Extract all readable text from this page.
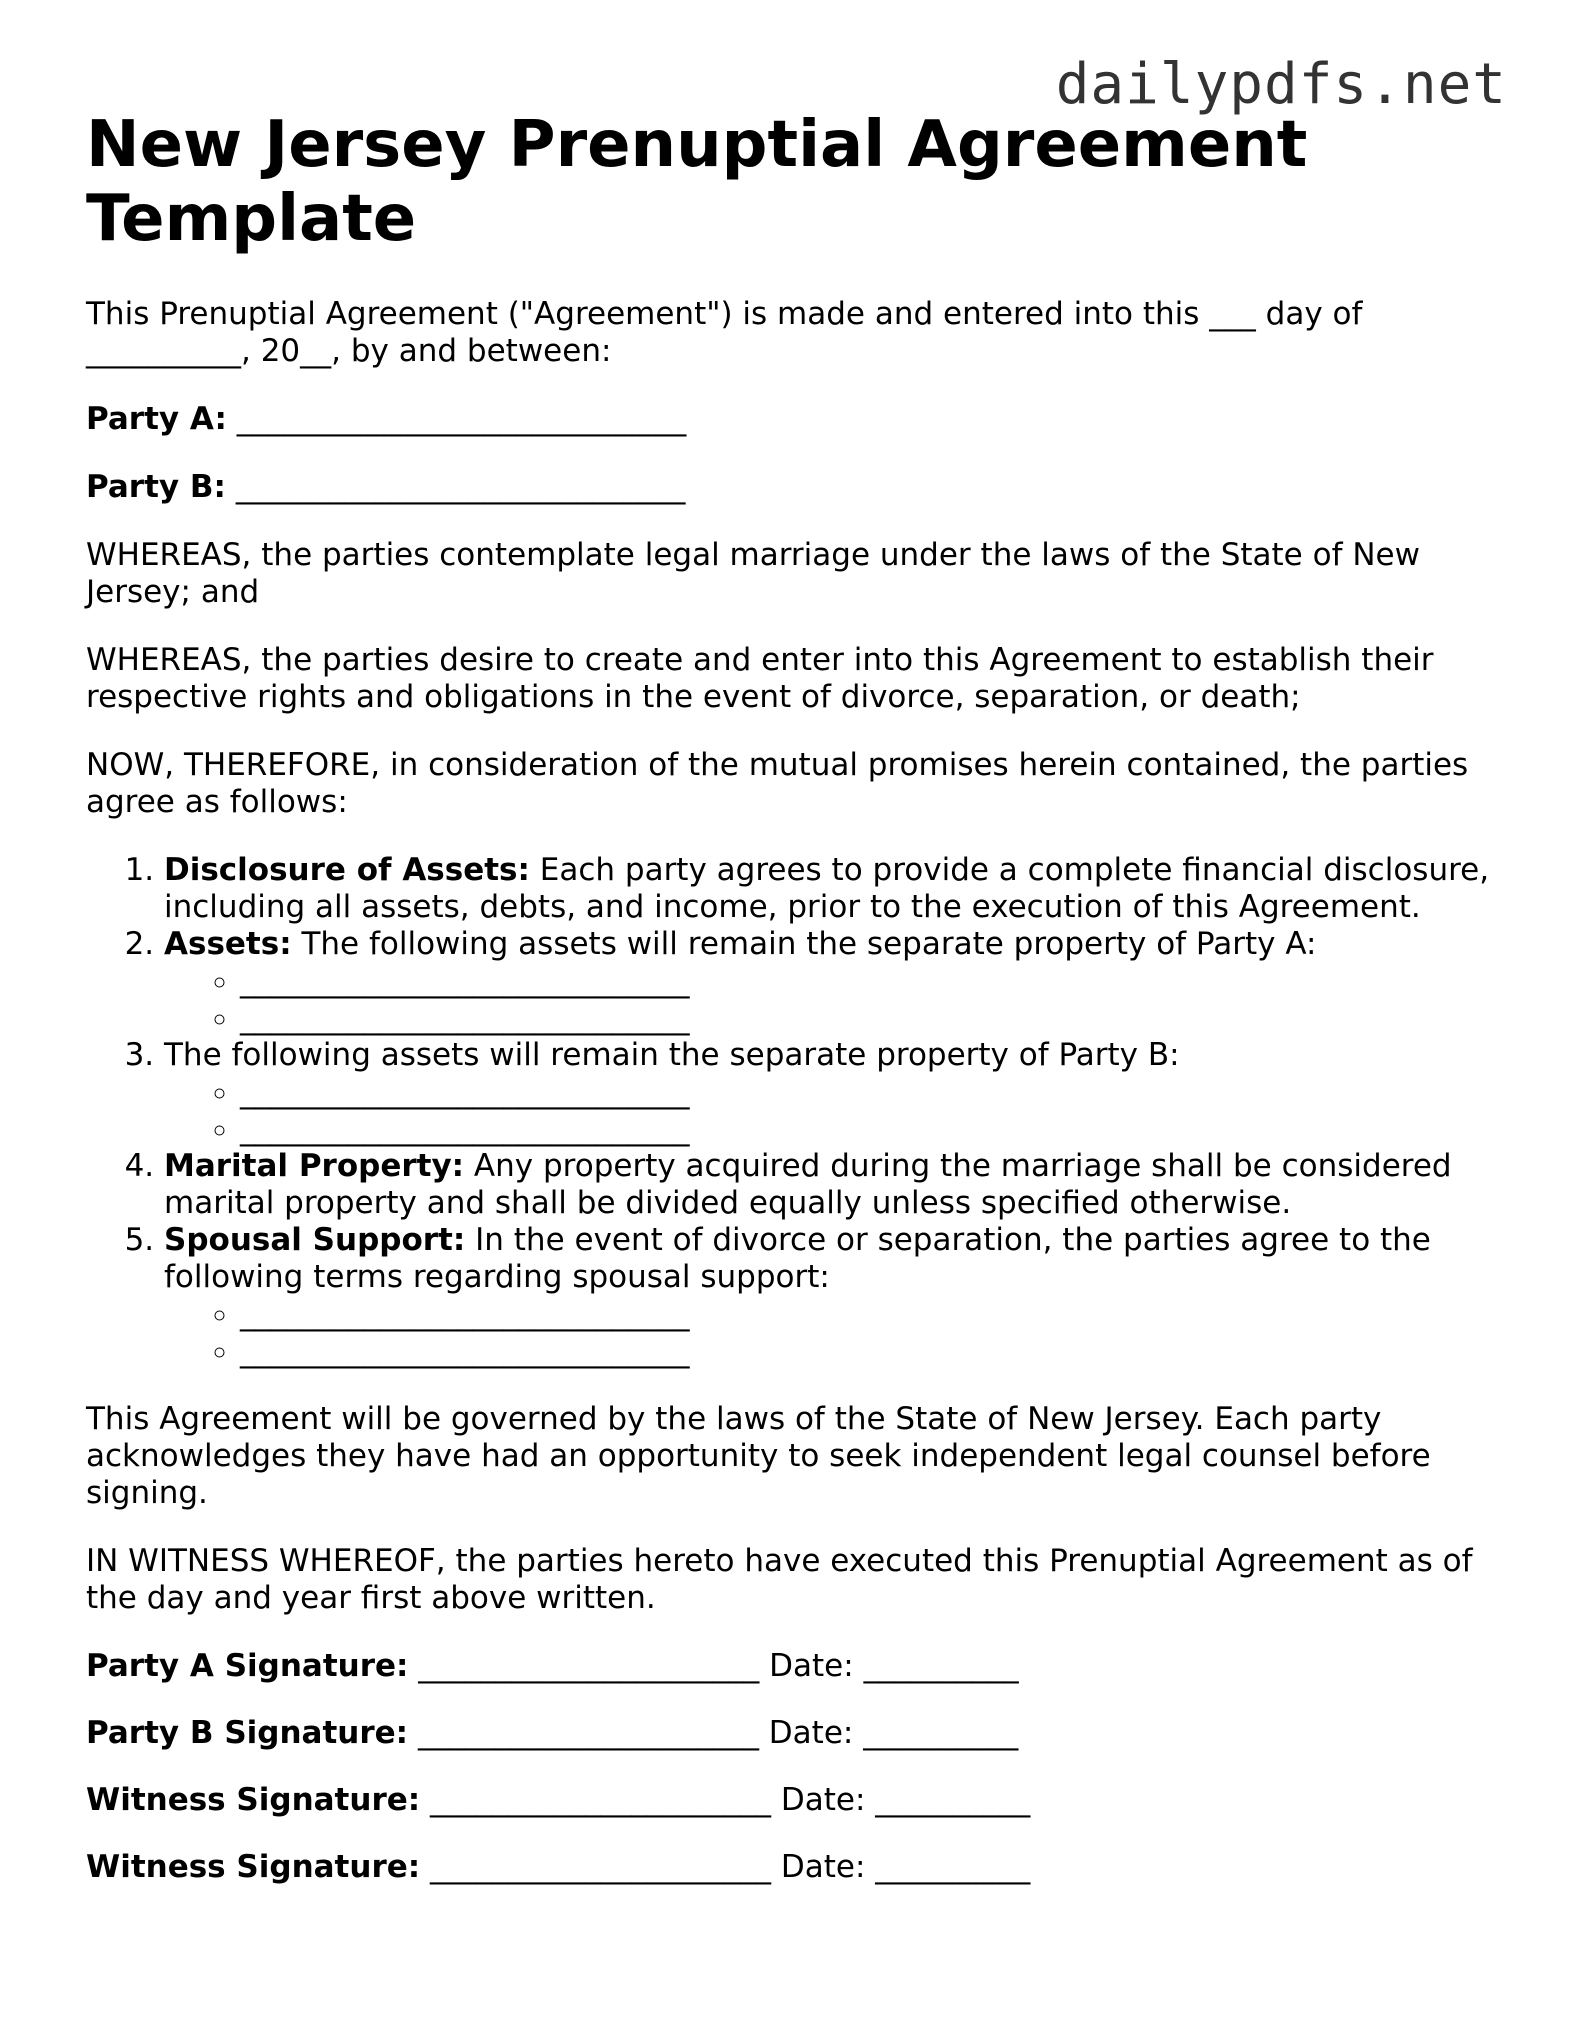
dailypdfs.net
New Jersey Prenuptial Agreement Template

This Prenuptial Agreement ("Agreement") is made and entered into this ___ day of __________, 20__, by and between:

Party A: _____________________________

Party B: _____________________________

WHEREAS, the parties contemplate legal marriage under the laws of the State of New Jersey; and

WHEREAS, the parties desire to create and enter into this Agreement to establish their respective rights and obligations in the event of divorce, separation, or death;

NOW, THEREFORE, in consideration of the mutual promises herein contained, the parties agree as follows:

1. Disclosure of Assets: Each party agrees to provide a complete financial disclosure, including all assets, debts, and income, prior to the execution of this Agreement.
2. Assets: The following assets will remain the separate property of Party A:
◦ _____________________________
◦ _____________________________
3. The following assets will remain the separate property of Party B:
◦ _____________________________
◦ _____________________________
4. Marital Property: Any property acquired during the marriage shall be considered marital property and shall be divided equally unless specified otherwise.
5. Spousal Support: In the event of divorce or separation, the parties agree to the following terms regarding spousal support:
◦ _____________________________
◦ _____________________________

This Agreement will be governed by the laws of the State of New Jersey. Each party acknowledges they have had an opportunity to seek independent legal counsel before signing.

IN WITNESS WHEREOF, the parties hereto have executed this Prenuptial Agreement as of the day and year first above written.

Party A Signature: ______________________ Date: __________

Party B Signature: ______________________ Date: __________

Witness Signature: ______________________ Date: __________

Witness Signature: ______________________ Date: __________
